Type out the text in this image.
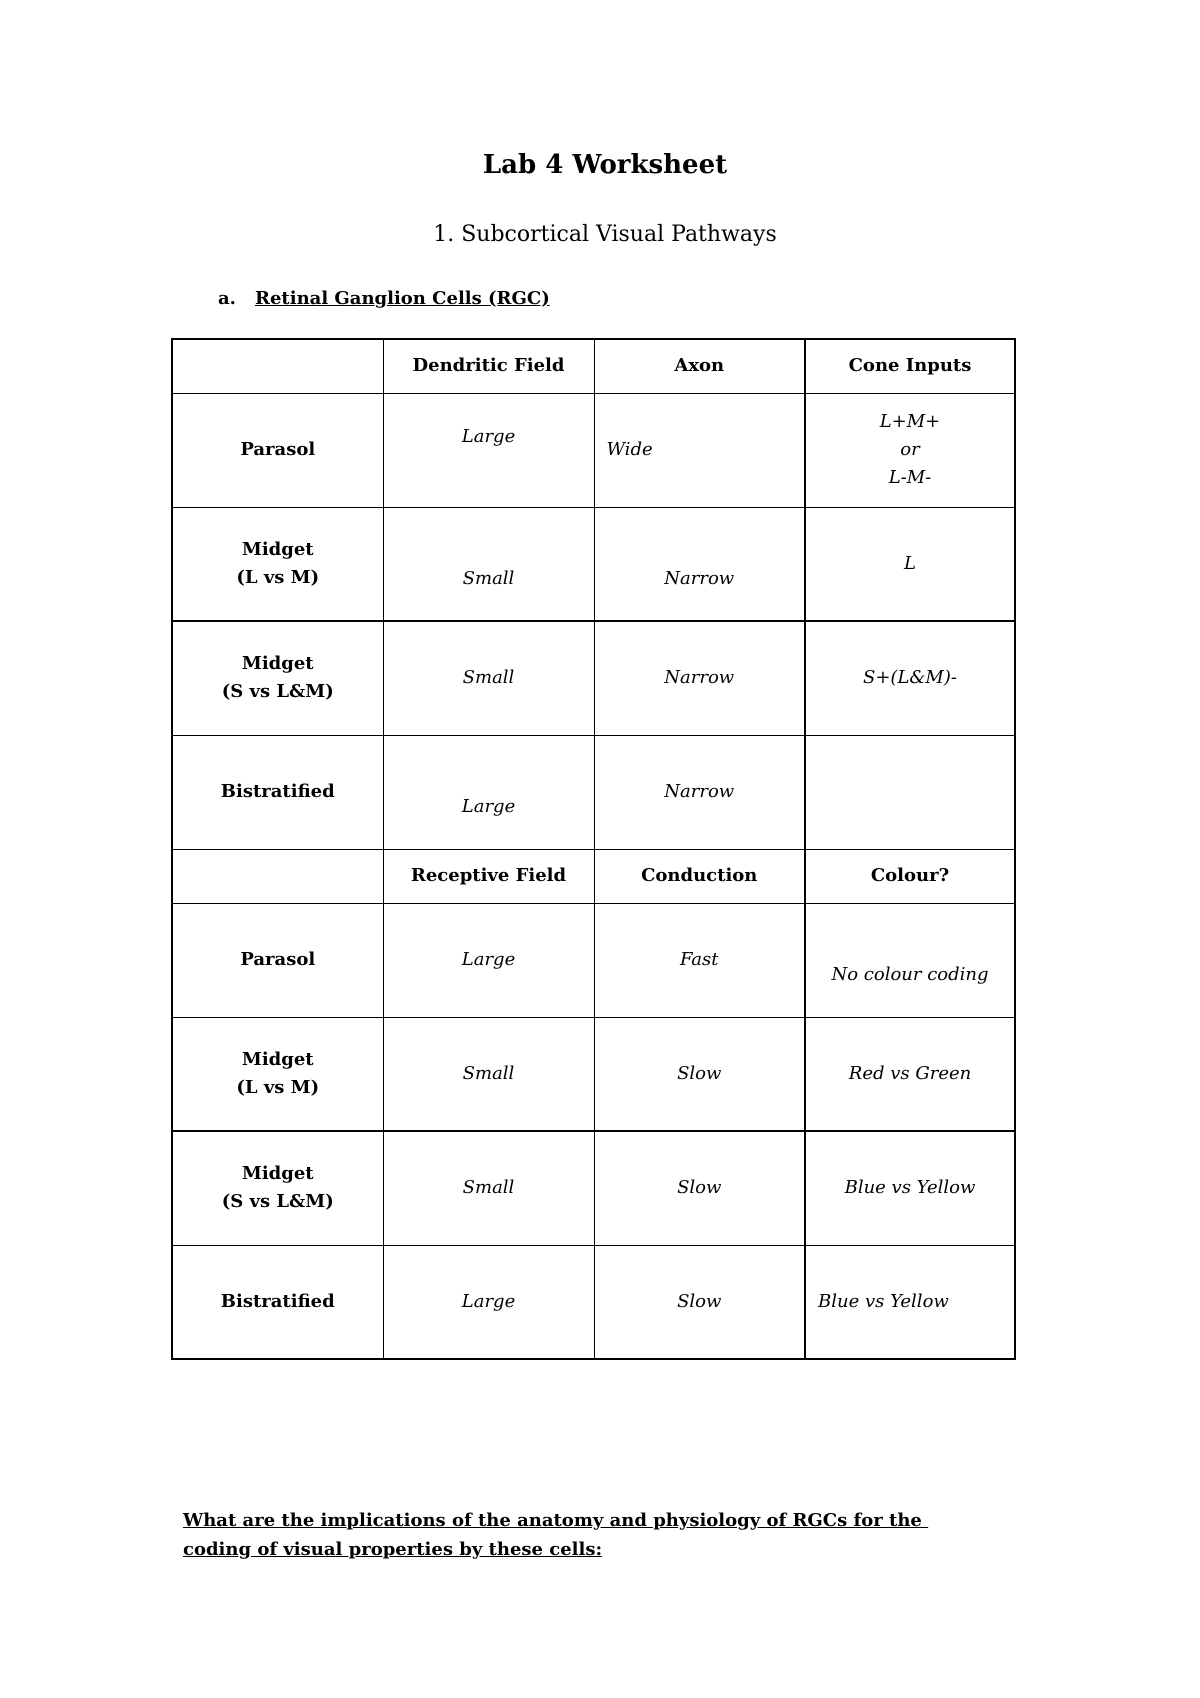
Lab 4 Worksheet
1. Subcortical Visual Pathways
a. Retinal Ganglion Cells (RGC)
	Dendritic Field	Axon	Cone Inputs
Parasol	Large	Wide	L+M+
or
L-M-
Midget
(L vs M)	Small	Narrow	L
Midget
(S vs L&M)	Small	Narrow	S+(L&M)-
Bistratified	Large	Narrow	
	Receptive Field	Conduction	Colour?
Parasol	Large	Fast	No colour coding
Midget
(L vs M)	Small	Slow	Red vs Green
Midget
(S vs L&M)	Small	Slow	Blue vs Yellow
Bistratified	Large	Slow	Blue vs Yellow
What are the implications of the anatomy and physiology of RGCs for the
coding of visual properties by these cells:
